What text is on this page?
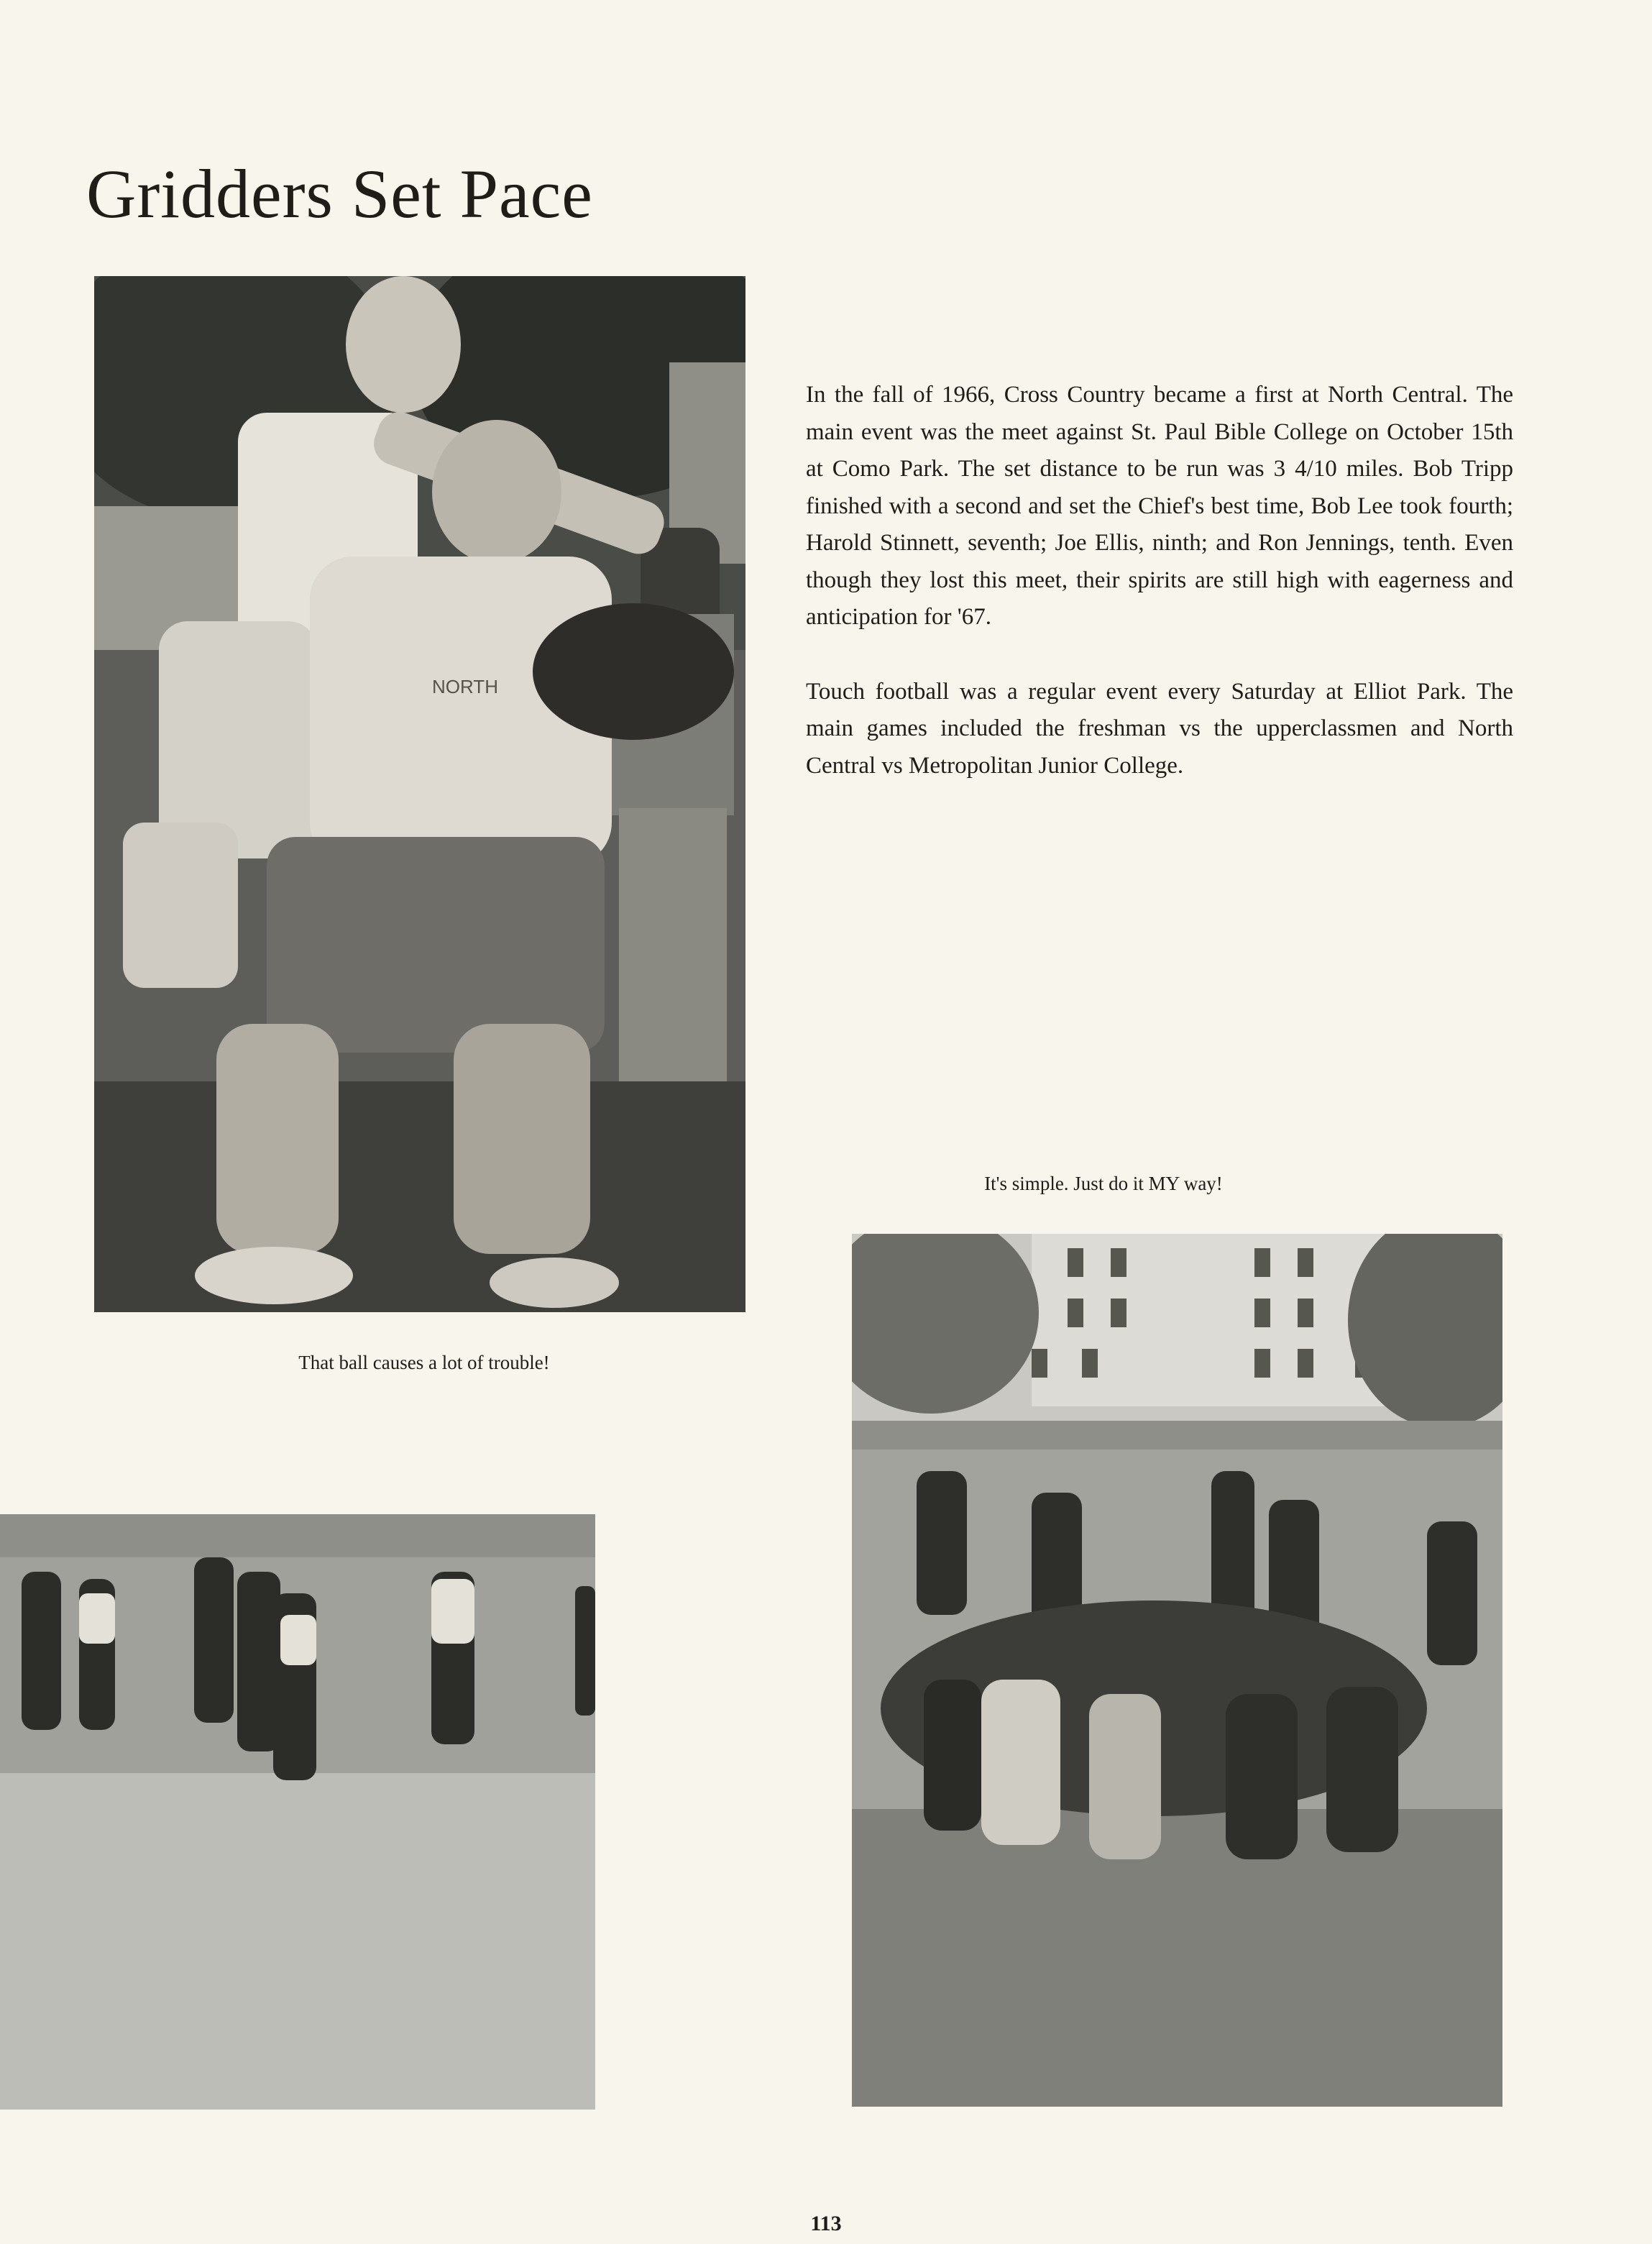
Gridders Set Pace
NORTH

In the fall of 1966, Cross Country became a first at North Central. The main event was the meet against St. Paul Bible College on October 15th at Como Park. The set distance to be run was 3 4/10 miles. Bob Tripp finished with a second and set the Chief's best time, Bob Lee took fourth; Harold Stinnett, seventh; Joe Ellis, ninth; and Ron Jennings, tenth. Even though they lost this meet, their spirits are still high with eagerness and anticipation for '67.

Touch football was a regular event every Saturday at Elliot Park. The main games included the freshman vs the upperclassmen and North Central vs Metropolitan Junior College.

It's simple. Just do it MY way!
That ball causes a lot of trouble!
113
